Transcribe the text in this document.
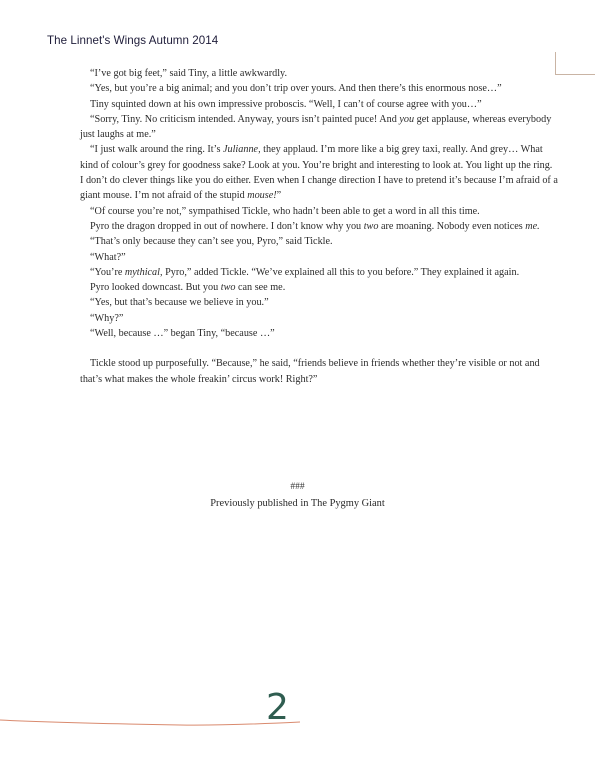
The Linnet's Wings Autumn 2014

“I’ve got big feet,” said Tiny, a little awkwardly.

“Yes, but you’re a big animal; and you don’t trip over yours. And then there’s this enormous nose…”

Tiny squinted down at his own impressive proboscis. “Well, I can’t of course agree with you…”

“Sorry, Tiny. No criticism intended. Anyway, yours isn’t painted puce! And you get applause, whereas everybody just laughs at me.”

“I just walk around the ring. It’s Julianne, they applaud. I’m more like a big grey taxi, really. And grey… What kind of colour’s grey for goodness sake? Look at you. You’re bright and interesting to look at. You light up the ring. I don’t do clever things like you do either. Even when I change direction I have to pretend it’s because I’m afraid of a giant mouse. I’m not afraid of the stupid mouse!”

“Of course you’re not,” sympathised Tickle, who hadn’t been able to get a word in all this time.

Pyro the dragon dropped in out of nowhere. I don’t know why you two are moaning. Nobody even notices me.

“That’s only because they can’t see you, Pyro,” said Tickle.

“What?”

“You’re mythical, Pyro,” added Tickle. “We’ve explained all this to you before.” They explained it again.

Pyro looked downcast. But you two can see me.

“Yes, but that’s because we believe in you.”

“Why?”

“Well, because …” began Tiny, “because …”

Tickle stood up purposefully. “Because,” he said, “friends believe in friends whether they’re visible or not and that’s what makes the whole freakin’ circus work! Right?”

###
Previously published in The Pygmy Giant
2
